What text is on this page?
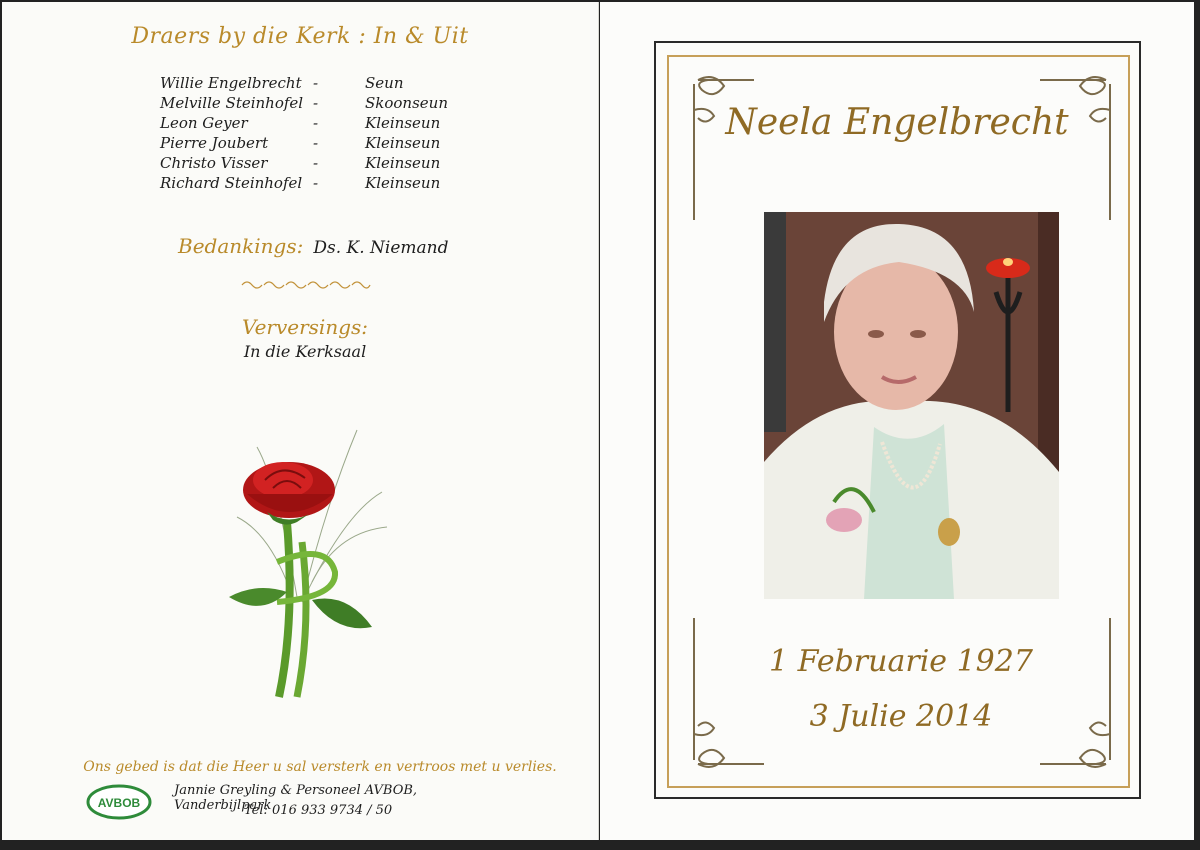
Draers by die Kerk : In & Uit
Willie Engelbrecht -	Seun
Melville Steinhofel -	Skoonseun
Leon Geyer	-	Kleinseun
Pierre Joubert	-	Kleinseun
Christo Visser	-	Kleinseun
Richard Steinhofel -	Kleinseun
Bedankings: Ds. K. Niemand
Verversings:
In die Kerksaal
Ons gebed is dat die Heer u sal versterk en vertroos met u verlies.
AVBOB
Jannie Greyling & Personeel AVBOB, Vanderbijlpark
Tel: 016 933 9734 / 50
Neela Engelbrecht
1 Februarie 1927
3 Julie 2014
